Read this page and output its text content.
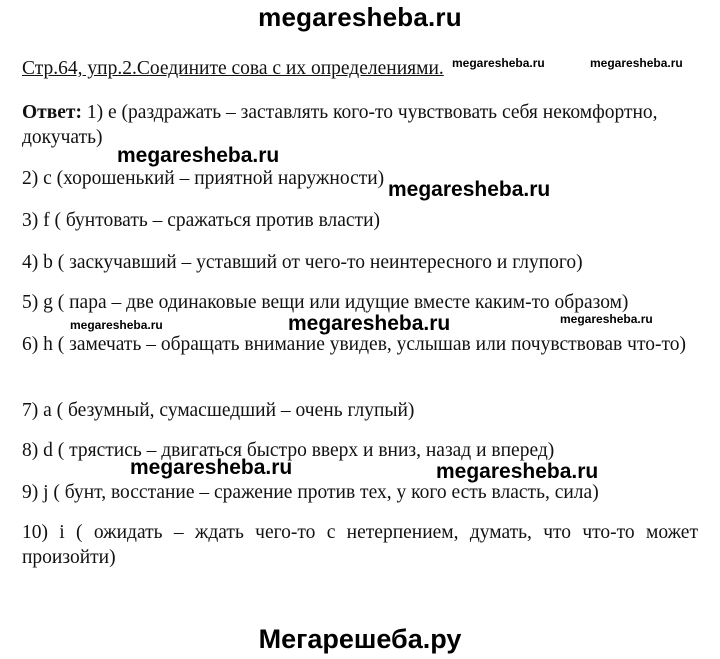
megaresheba.ru
Стр.64, упр.2.Соедините сова с их определениями. megaresheba.ru	megaresheba.ru
Ответ: 1) e (раздражать – заставлять кого-то чувствовать себя некомфортно, докучать)
megaresheba.ru
2) c (хорошенький – приятной наружности) megaresheba.ru
3) f ( бунтовать – сражаться против власти)
4) b ( заскучавший – уставший от чего-то неинтересного и глупого)
5) g ( пара – две одинаковые вещи или идущие вместе каким-то образом)
megaresheba.ru	megaresheba.ru	megaresheba.ru
6) h ( замечать – обращать внимание увидев, услышав или почувствовав что-то)
7) a ( безумный, сумасшедший – очень глупый)
8) d ( трястись – двигаться быстро вверх и вниз, назад и вперед)
megaresheba.ru	megaresheba.ru
9) j ( бунт, восстание – сражение против тех, у кого есть власть, сила)
10) i ( ожидать – ждать чего-то с нетерпением, думать, что что-то может произойти)
Мегарешеба.ру
